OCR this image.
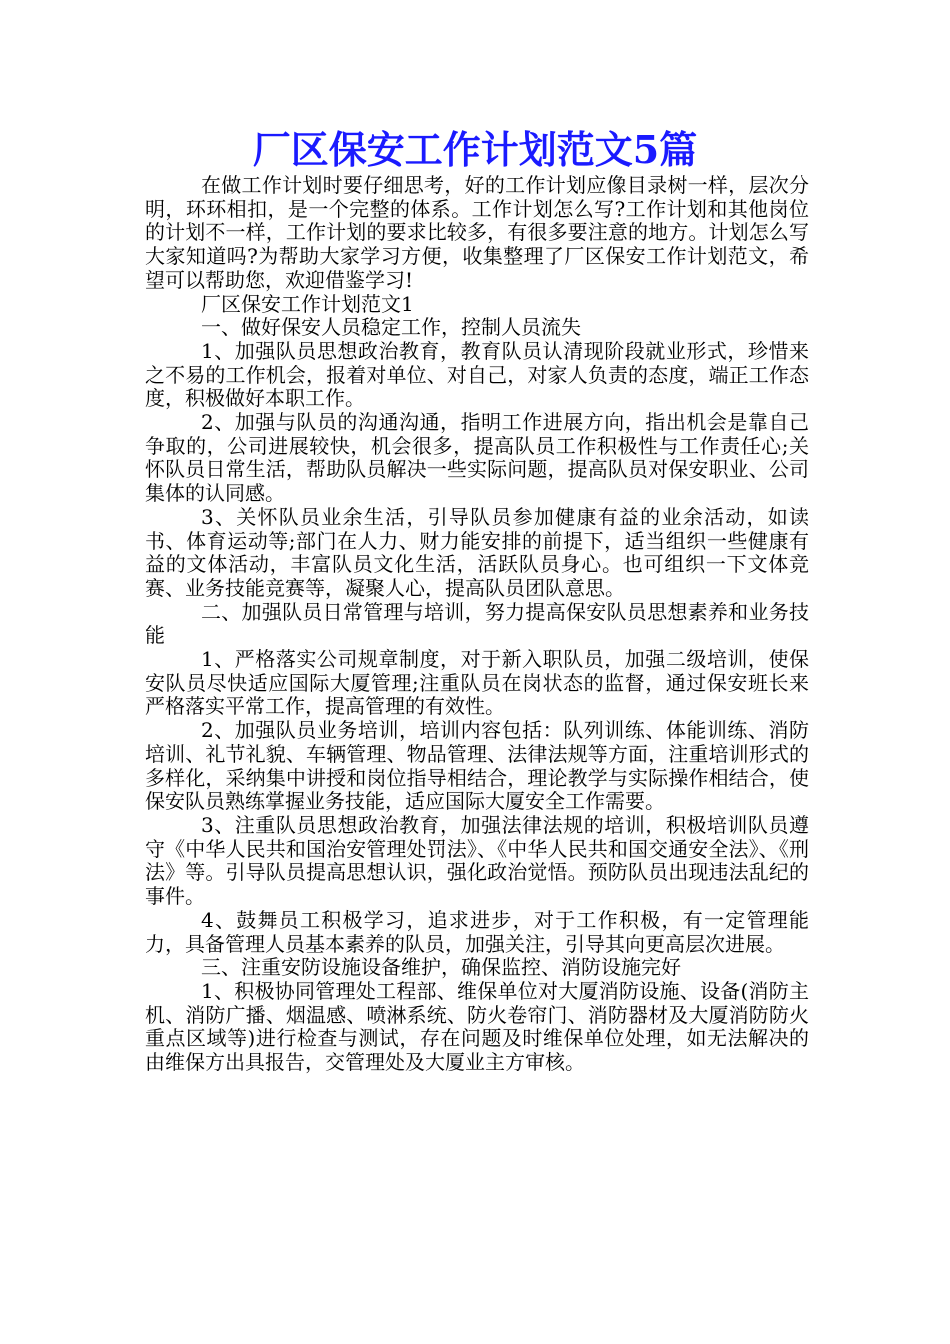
厂区保安工作计划范文5篇

在做工作计划时要仔细思考，好的工作计划应像目录树一样，层次分明，环环相扣，是一个完整的体系。工作计划怎么写?工作计划和其他岗位的计划不一样，工作计划的要求比较多，有很多要注意的地方。计划怎么写大家知道吗?为帮助大家学习方便，收集整理了厂区保安工作计划范文，希望可以帮助您，欢迎借鉴学习!

厂区保安工作计划范文1

一、做好保安人员稳定工作，控制人员流失

1、加强队员思想政治教育，教育队员认清现阶段就业形式，珍惜来之不易的工作机会，报着对单位、对自己，对家人负责的态度，端正工作态度，积极做好本职工作。

2、加强与队员的沟通沟通，指明工作进展方向，指出机会是靠自己争取的，公司进展较快，机会很多，提高队员工作积极性与工作责任心;关怀队员日常生活，帮助队员解决一些实际问题，提高队员对保安职业、公司集体的认同感。

3、关怀队员业余生活，引导队员参加健康有益的业余活动，如读书、体育运动等;部门在人力、财力能安排的前提下，适当组织一些健康有益的文体活动，丰富队员文化生活，活跃队员身心。也可组织一下文体竞赛、业务技能竞赛等，凝聚人心，提高队员团队意思。

二、加强队员日常管理与培训，努力提高保安队员思想素养和业务技能

1、严格落实公司规章制度，对于新入职队员，加强二级培训，使保安队员尽快适应国际大厦管理;注重队员在岗状态的监督，通过保安班长来严格落实平常工作，提高管理的有效性。

2、加强队员业务培训，培训内容包括：队列训练、体能训练、消防培训、礼节礼貌、车辆管理、物品管理、法律法规等方面，注重培训形式的多样化，采纳集中讲授和岗位指导相结合，理论教学与实际操作相结合，使保安队员熟练掌握业务技能，适应国际大厦安全工作需要。

3、注重队员思想政治教育，加强法律法规的培训，积极培训队员遵守《中华人民共和国治安管理处罚法》、《中华人民共和国交通安全法》、《刑法》等。引导队员提高思想认识，强化政治觉悟。预防队员出现违法乱纪的事件。

4、鼓舞员工积极学习，追求进步，对于工作积极，有一定管理能力，具备管理人员基本素养的队员，加强关注，引导其向更高层次进展。

三、注重安防设施设备维护，确保监控、消防设施完好

1、积极协同管理处工程部、维保单位对大厦消防设施、设备(消防主机、消防广播、烟温感、喷淋系统、防火卷帘门、消防器材及大厦消防防火重点区域等)进行检查与测试，存在问题及时维保单位处理，如无法解决的由维保方出具报告，交管理处及大厦业主方审核。
